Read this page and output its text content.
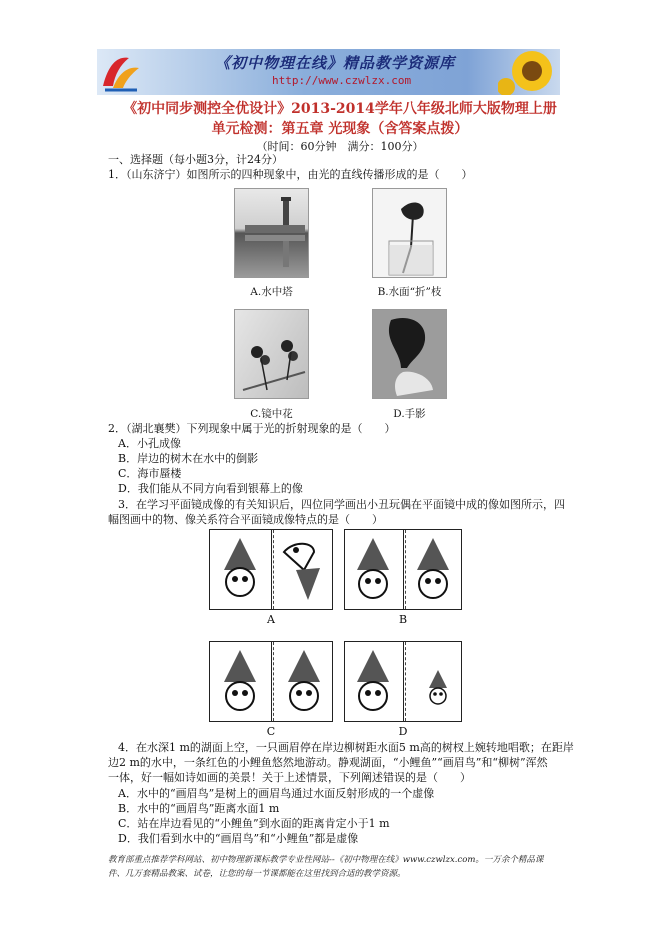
《初中物理在线》精品教学资源库
http://www.czwlzx.com
《初中同步测控全优设计》2013-2014学年八年级北师大版物理上册
单元检测：第五章 光现象（含答案点拨）
（时间：60分钟　满分：100分）
一、选择题（每小题3分，计24分）
1．（山东济宁）如图所示的四种现象中，由光的直线传播形成的是（　　）
A.水中塔	B.水面“折”枝
C.镜中花	D.手影
2．（湖北襄樊）下列现象中属于光的折射现象的是（　　）
A．小孔成像
B．岸边的树木在水中的倒影
C．海市蜃楼
D．我们能从不同方向看到银幕上的像
3．在学习平面镜成像的有关知识后，四位同学画出小丑玩偶在平面镜中成的像如图所示，四
幅图画中的物、像关系符合平面镜成像特点的是（　　）
A	B
C	D
4．在水深1 m的湖面上空，一只画眉停在岸边柳树距水面5 m高的树杈上婉转地唱歌；在距岸
边2 m的水中，一条红色的小鲤鱼悠然地游动。静观湖面，“小鲤鱼”“画眉鸟”和“柳树”浑然
一体，好一幅如诗如画的美景！关于上述情景，下列阐述错误的是（　　）
A．水中的“画眉鸟”是树上的画眉鸟通过水面反射形成的一个虚像
B．水中的“画眉鸟”距离水面1 m
C．站在岸边看见的“小鲤鱼”到水面的距离肯定小于1 m
D．我们看到水中的“画眉鸟”和“小鲤鱼”都是虚像
教育部重点推荐学科网站、初中物理新课标教学专业性网站--《初中物理在线》www.czwlzx.com。一万余个精品课
件、几万套精品教案、试卷，让您的每一节课都能在这里找到合适的教学资源。
